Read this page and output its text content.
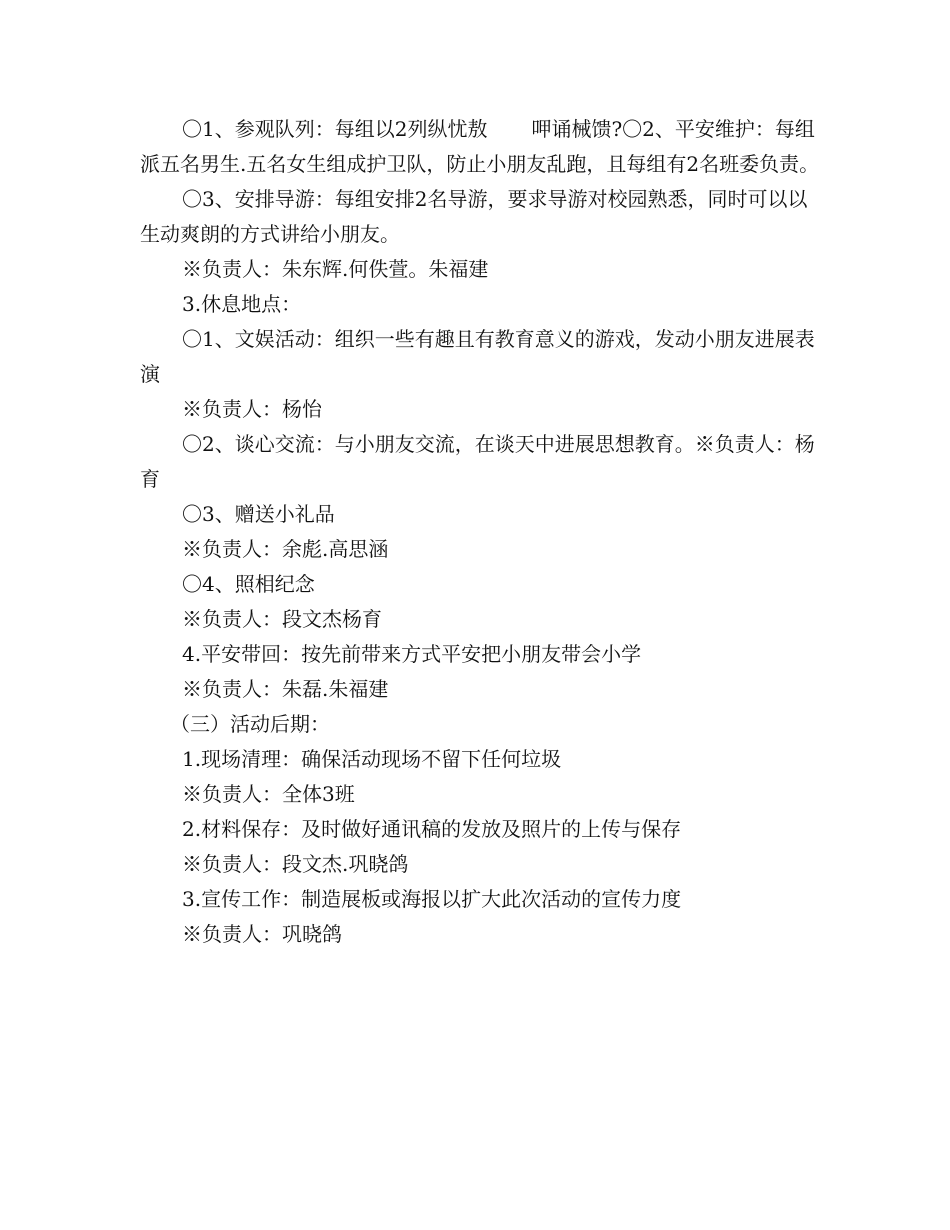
〇1、参观队列：每组以2列纵忧敖 呷诵械馈?〇2、平安维护：每组派五名男生.五名女生组成护卫队，防止小朋友乱跑，且每组有2名班委负责。

〇3、安排导游：每组安排2名导游，要求导游对校园熟悉，同时可以以生动爽朗的方式讲给小朋友。

※负责人：朱东辉.何佚萱。朱福建

3.休息地点：

〇1、文娱活动：组织一些有趣且有教育意义的游戏，发动小朋友进展表演

※负责人：杨怡

〇2、谈心交流：与小朋友交流，在谈天中进展思想教育。※负责人：杨育

〇3、赠送小礼品

※负责人：余彪.高思涵

〇4、照相纪念

※负责人：段文杰杨育

4.平安带回：按先前带来方式平安把小朋友带会小学

※负责人：朱磊.朱福建

（三）活动后期：

1.现场清理：确保活动现场不留下任何垃圾

※负责人：全体3班

2.材料保存：及时做好通讯稿的发放及照片的上传与保存

※负责人：段文杰.巩晓鸽

3.宣传工作：制造展板或海报以扩大此次活动的宣传力度

※负责人：巩晓鸽
